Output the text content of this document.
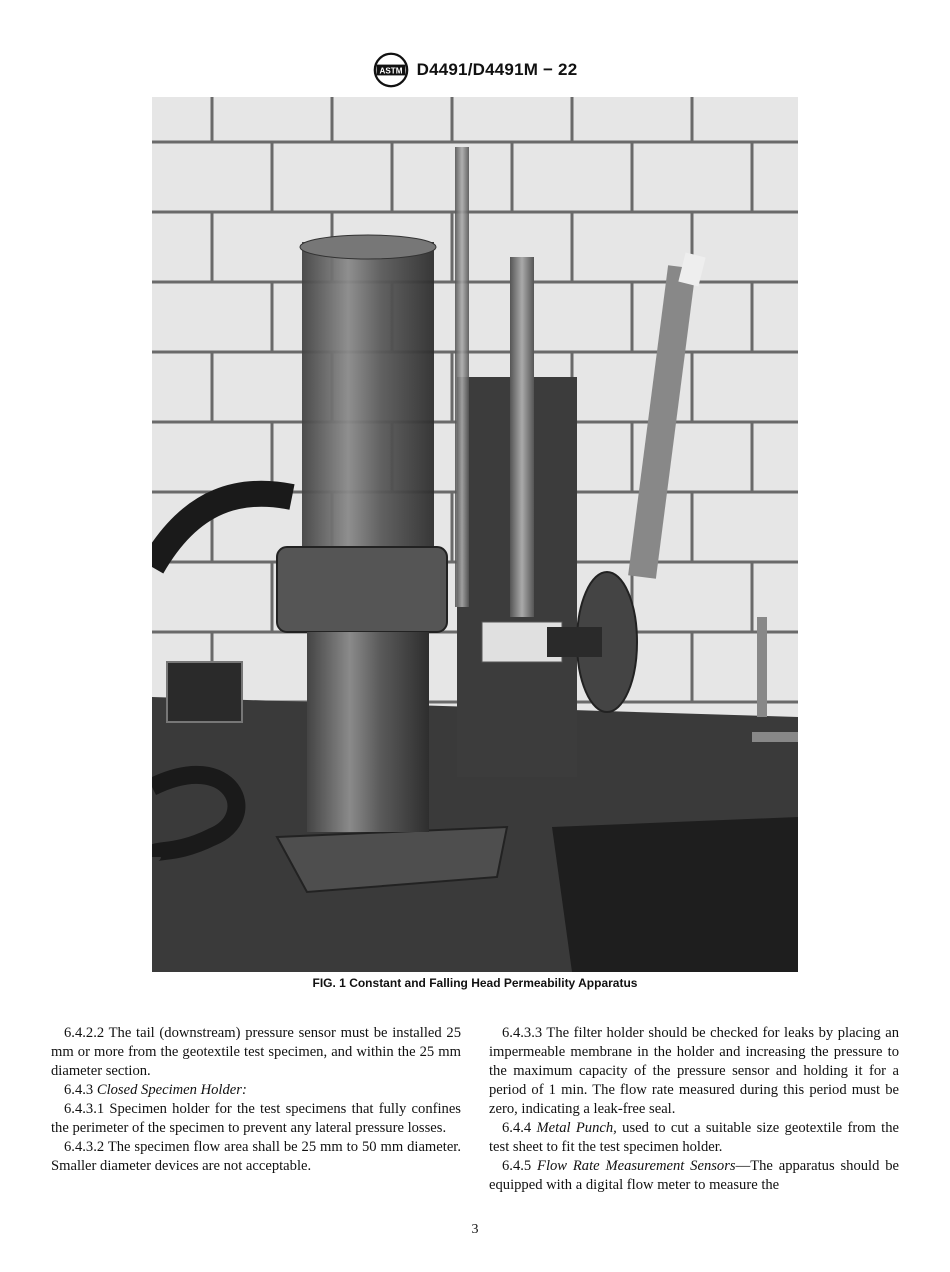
ASTM D4491/D4491M − 22
FIG. 1 Constant and Falling Head Permeability Apparatus

6.4.2.2 The tail (downstream) pressure sensor must be installed 25 mm or more from the geotextile test specimen, and within the 25 mm diameter section.

6.4.3 Closed Specimen Holder:

6.4.3.1 Specimen holder for the test specimens that fully confines the perimeter of the specimen to prevent any lateral pressure losses.

6.4.3.2 The specimen flow area shall be 25 mm to 50 mm diameter. Smaller diameter devices are not acceptable.

6.4.3.3 The filter holder should be checked for leaks by placing an impermeable membrane in the holder and increasing the pressure to the maximum capacity of the pressure sensor and holding it for a period of 1 min. The flow rate measured during this period must be zero, indicating a leak-free seal.

6.4.4 Metal Punch, used to cut a suitable size geotextile from the test sheet to fit the test specimen holder.

6.4.5 Flow Rate Measurement Sensors—The apparatus should be equipped with a digital flow meter to measure the

3
